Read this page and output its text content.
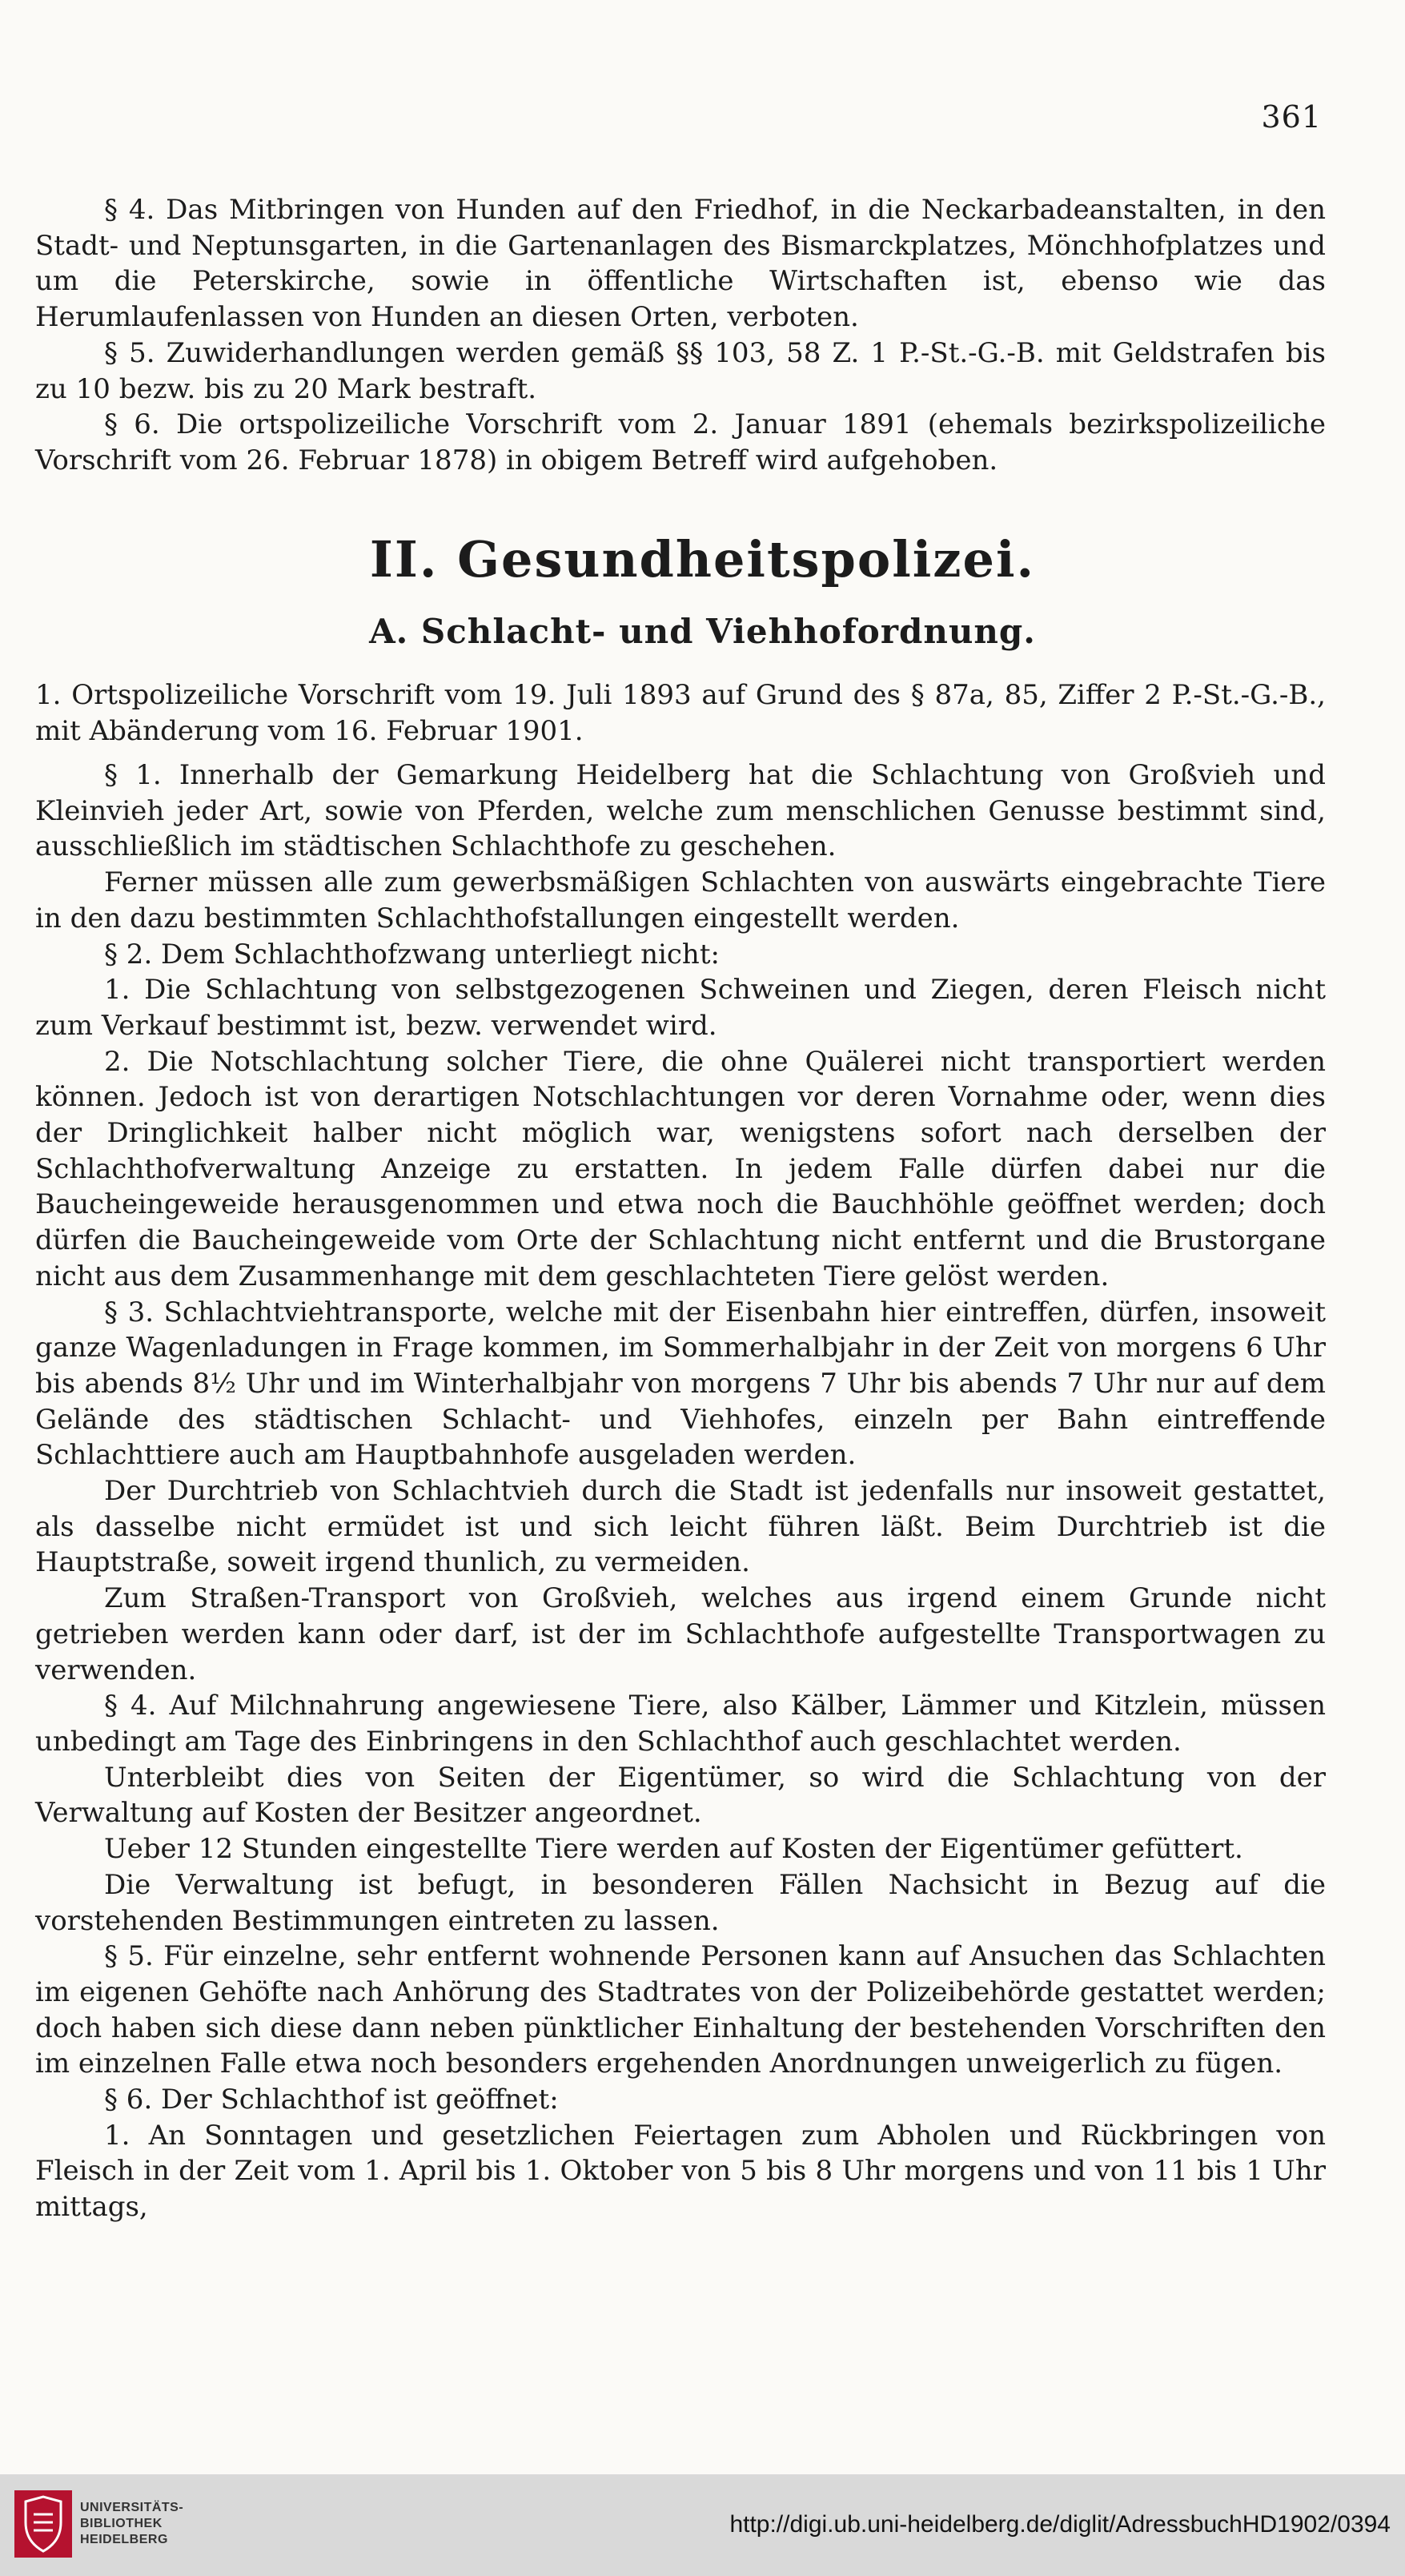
361

§ 4. Das Mitbringen von Hunden auf den Friedhof, in die Neckarbadeanstalten, in den Stadt- und Neptunsgarten, in die Gartenanlagen des Bismarckplatzes, Mönchhofplatzes und um die Peterskirche, sowie in öffentliche Wirtschaften ist, ebenso wie das Herumlaufenlassen von Hunden an diesen Orten, verboten.

§ 5. Zuwiderhandlungen werden gemäß §§ 103, 58 Z. 1 P.-St.-G.-B. mit Geldstrafen bis zu 10 bezw. bis zu 20 Mark bestraft.

§ 6. Die ortspolizeiliche Vorschrift vom 2. Januar 1891 (ehemals bezirkspolizeiliche Vorschrift vom 26. Februar 1878) in obigem Betreff wird aufgehoben.

II. Gesundheitspolizei.
A. Schlacht- und Viehhofordnung.

1. Ortspolizeiliche Vorschrift vom 19. Juli 1893 auf Grund des § 87a, 85, Ziffer 2 P.-St.-G.-B., mit Abänderung vom 16. Februar 1901.

§ 1. Innerhalb der Gemarkung Heidelberg hat die Schlachtung von Großvieh und Kleinvieh jeder Art, sowie von Pferden, welche zum menschlichen Genusse bestimmt sind, ausschließlich im städtischen Schlachthofe zu geschehen.

Ferner müssen alle zum gewerbsmäßigen Schlachten von auswärts eingebrachte Tiere in den dazu bestimmten Schlachthofstallungen eingestellt werden.

§ 2. Dem Schlachthofzwang unterliegt nicht:

1. Die Schlachtung von selbstgezogenen Schweinen und Ziegen, deren Fleisch nicht zum Verkauf bestimmt ist, bezw. verwendet wird.

2. Die Notschlachtung solcher Tiere, die ohne Quälerei nicht transportiert werden können. Jedoch ist von derartigen Notschlachtungen vor deren Vornahme oder, wenn dies der Dringlichkeit halber nicht möglich war, wenigstens sofort nach derselben der Schlachthofverwaltung Anzeige zu erstatten. In jedem Falle dürfen dabei nur die Baucheingeweide herausgenommen und etwa noch die Bauchhöhle geöffnet werden; doch dürfen die Baucheingeweide vom Orte der Schlachtung nicht entfernt und die Brustorgane nicht aus dem Zusammenhange mit dem geschlachteten Tiere gelöst werden.

§ 3. Schlachtviehtransporte, welche mit der Eisenbahn hier eintreffen, dürfen, insoweit ganze Wagenladungen in Frage kommen, im Sommerhalbjahr in der Zeit von morgens 6 Uhr bis abends 8½ Uhr und im Winterhalbjahr von morgens 7 Uhr bis abends 7 Uhr nur auf dem Gelände des städtischen Schlacht- und Viehhofes, einzeln per Bahn eintreffende Schlachttiere auch am Hauptbahnhofe ausgeladen werden.

Der Durchtrieb von Schlachtvieh durch die Stadt ist jedenfalls nur insoweit gestattet, als dasselbe nicht ermüdet ist und sich leicht führen läßt. Beim Durchtrieb ist die Hauptstraße, soweit irgend thunlich, zu vermeiden.

Zum Straßen-Transport von Großvieh, welches aus irgend einem Grunde nicht getrieben werden kann oder darf, ist der im Schlachthofe aufgestellte Transportwagen zu verwenden.

§ 4. Auf Milchnahrung angewiesene Tiere, also Kälber, Lämmer und Kitzlein, müssen unbedingt am Tage des Einbringens in den Schlachthof auch geschlachtet werden.

Unterbleibt dies von Seiten der Eigentümer, so wird die Schlachtung von der Verwaltung auf Kosten der Besitzer angeordnet.

Ueber 12 Stunden eingestellte Tiere werden auf Kosten der Eigentümer gefüttert.

Die Verwaltung ist befugt, in besonderen Fällen Nachsicht in Bezug auf die vorstehenden Bestimmungen eintreten zu lassen.

§ 5. Für einzelne, sehr entfernt wohnende Personen kann auf Ansuchen das Schlachten im eigenen Gehöfte nach Anhörung des Stadtrates von der Polizeibehörde gestattet werden; doch haben sich diese dann neben pünktlicher Einhaltung der bestehenden Vorschriften den im einzelnen Falle etwa noch besonders ergehenden Anordnungen unweigerlich zu fügen.

§ 6. Der Schlachthof ist geöffnet:

1. An Sonntagen und gesetzlichen Feiertagen zum Abholen und Rückbringen von Fleisch in der Zeit vom 1. April bis 1. Oktober von 5 bis 8 Uhr morgens und von 11 bis 1 Uhr mittags,

UNIVERSITÄTS-
BIBLIOTHEK
HEIDELBERG
http://digi.ub.uni-heidelberg.de/diglit/AdressbuchHD1902/0394
